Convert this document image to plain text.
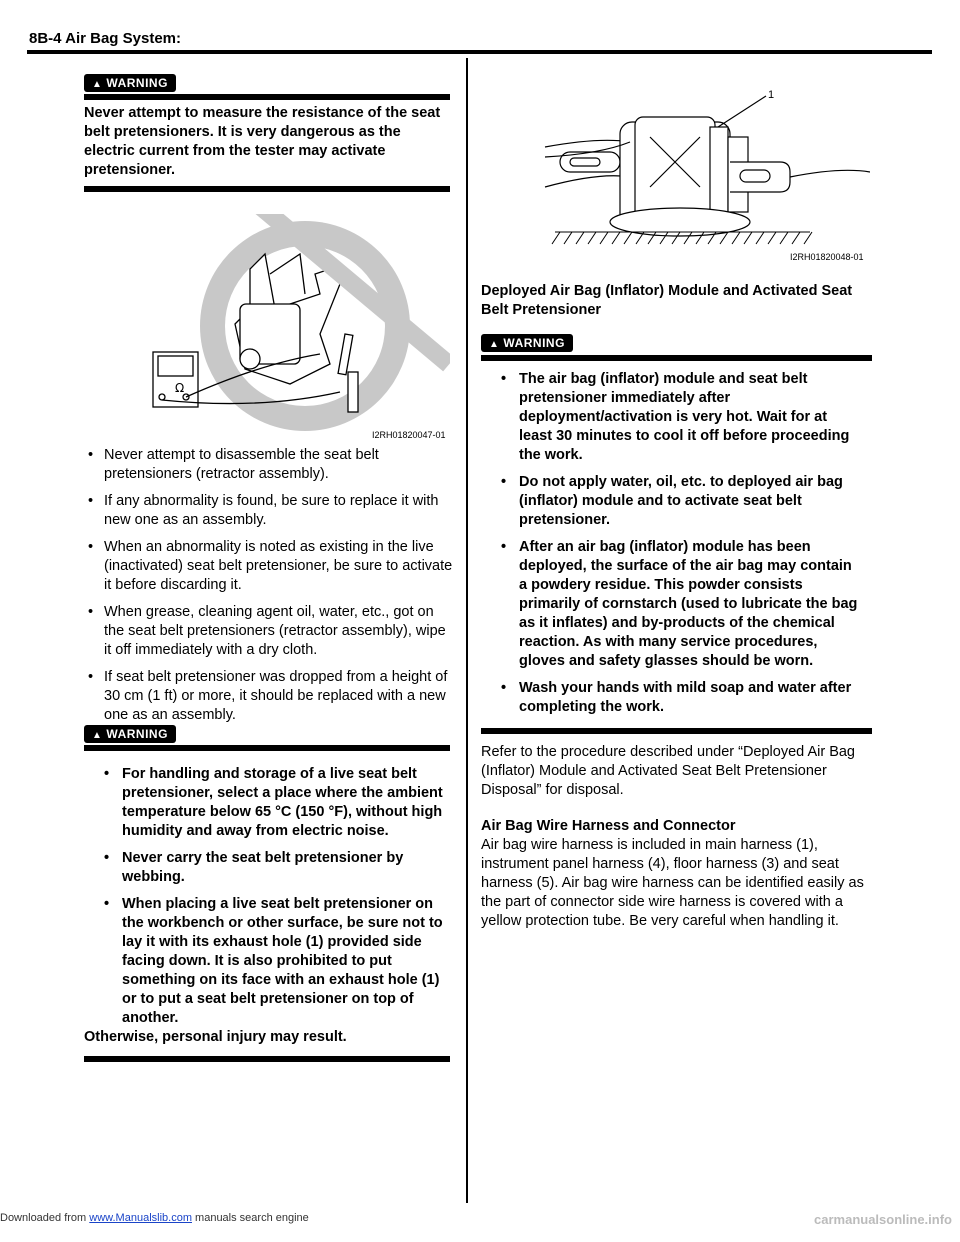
8B-4 Air Bag System:
▲ WARNING
Never attempt to measure the resistance of the seat belt pretensioners. It is very dangerous as the electric current from the tester may activate pretensioner.
Ω
I2RH01820047-01
• Never attempt to disassemble the seat belt pretensioners (retractor assembly).
• If any abnormality is found, be sure to replace it with new one as an assembly.
• When an abnormality is noted as existing in the live (inactivated) seat belt pretensioner, be sure to activate it before discarding it.
• When grease, cleaning agent oil, water, etc., got on the seat belt pretensioners (retractor assembly), wipe it off immediately with a dry cloth.
• If seat belt pretensioner was dropped from a height of 30 cm (1 ft) or more, it should be replaced with a new one as an assembly.
▲ WARNING
• For handling and storage of a live seat belt pretensioner, select a place where the ambient temperature below 65 °C (150 °F), without high humidity and away from electric noise.
• Never carry the seat belt pretensioner by webbing.
• When placing a live seat belt pretensioner on the workbench or other surface, be sure not to lay it with its exhaust hole (1) provided side facing down. It is also prohibited to put something on its face with an exhaust hole (1) or to put a seat belt pretensioner on top of another.
Otherwise, personal injury may result.
1
I2RH01820048-01
Deployed Air Bag (Inflator) Module and Activated Seat Belt Pretensioner
▲ WARNING
• The air bag (inflator) module and seat belt pretensioner immediately after deployment/activation is very hot. Wait for at least 30 minutes to cool it off before proceeding the work.
• Do not apply water, oil, etc. to deployed air bag (inflator) module and to activate seat belt pretensioner.
• After an air bag (inflator) module has been deployed, the surface of the air bag may contain a powdery residue. This powder consists primarily of cornstarch (used to lubricate the bag as it inflates) and by-products of the chemical reaction. As with many service procedures, gloves and safety glasses should be worn.
• Wash your hands with mild soap and water after completing the work.
Refer to the procedure described under “Deployed Air Bag (Inflator) Module and Activated Seat Belt Pretensioner Disposal” for disposal.
Air Bag Wire Harness and Connector
Air bag wire harness is included in main harness (1), instrument panel harness (4), floor harness (3) and seat harness (5). Air bag wire harness can be identified easily as the part of connector side wire harness is covered with a yellow protection tube. Be very careful when handling it.
Downloaded from www.Manualslib.com manuals search engine	carmanualsonline.info
